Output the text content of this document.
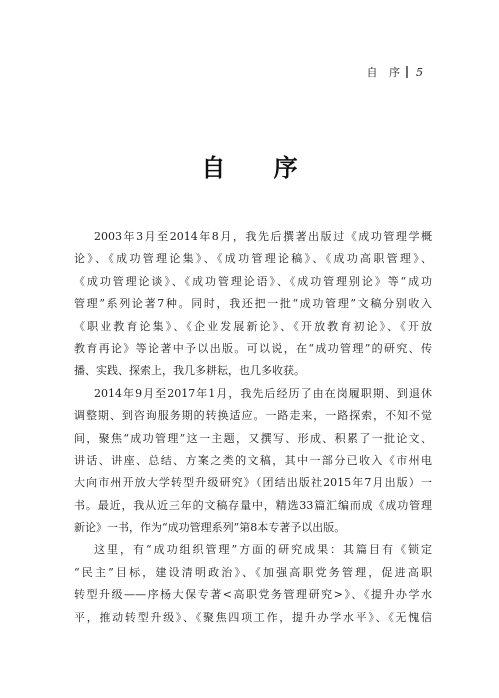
自 序 5
自 序
2003年3月至2014年8月，我先后撰著出版过《成功管理学概
论》、《成功管理论集》、《成功管理论稿》、《成功高职管理》、
《成功管理论谈》、《成功管理论语》、《成功管理别论》等“成功
管理”系列论著7种。同时，我还把一批“成功管理”文稿分别收入
《职业教育论集》、《企业发展新论》、《开放教育初论》、《开放
教育再论》等论著中予以出版。可以说，在“成功管理”的研究、传
播、实践、探索上，我几多耕耘，也几多收获。
2014年9月至2017年1月，我先后经历了由在岗履职期、到退休
调整期、到咨询服务期的转换适应。一路走来，一路探索，不知不觉
间，聚焦“成功管理”这一主题，又撰写、形成、积累了一批论文、
讲话、讲座、总结、方案之类的文稿，其中一部分已收入《市州电
大向市州开放大学转型升级研究》（团结出版社2015年7月出版）一
书。最近，我从近三年的文稿存量中，精选33篇汇编而成《成功管理
新论》一书，作为“成功管理系列”第8本专著予以出版。
这里，有“成功组织管理”方面的研究成果：其篇目有《锁定
“民主”目标，建设清明政治》、《加强高职党务管理，促进高职
转型升级——序杨大保专著<高职党务管理研究>》、《提升办学水
平，推动转型升级》、《聚焦四项工作，提升办学水平》、《无愧信
